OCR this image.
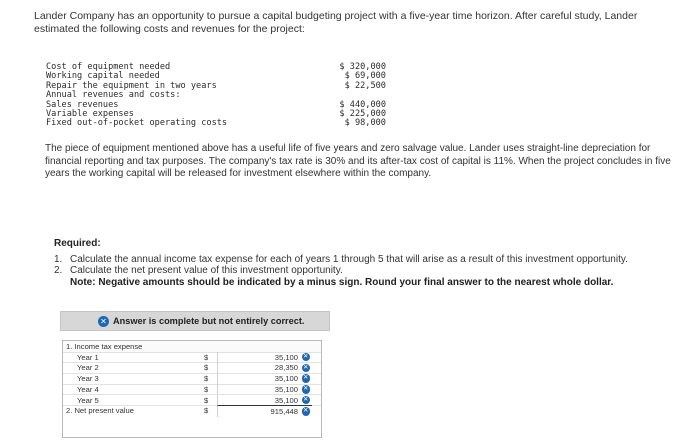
Lander Company has an opportunity to pursue a capital budgeting project with a five-year time horizon. After careful study, Lander estimated the following costs and revenues for the project:
Cost of equipment needed	$ 320,000
Working capital needed	$ 69,000
Repair the equipment in two years	$ 22,500
Annual revenues and costs:
Sales revenues	$ 440,000
Variable expenses	$ 225,000
Fixed out-of-pocket operating costs	$ 98,000
The piece of equipment mentioned above has a useful life of five years and zero salvage value. Lander uses straight-line depreciation for financial reporting and tax purposes. The company's tax rate is 30% and its after-tax cost of capital is 11%. When the project concludes in five years the working capital will be released for investment elsewhere within the company.
Required:
1. Calculate the annual income tax expense for each of years 1 through 5 that will arise as a result of this investment opportunity.
2. Calculate the net present value of this investment opportunity.
Note: Negative amounts should be indicated by a minus sign. Round your final answer to the nearest whole dollar.
✕ Answer is complete but not entirely correct.
1. Income tax expense
Year 1	$	35,100 ✕
Year 2	$	28,350 ✕
Year 3	$	35,100 ✕
Year 4	$	35,100 ✕
Year 5	$	35,100 ✕
2. Net present value	$	915,448 ✕
